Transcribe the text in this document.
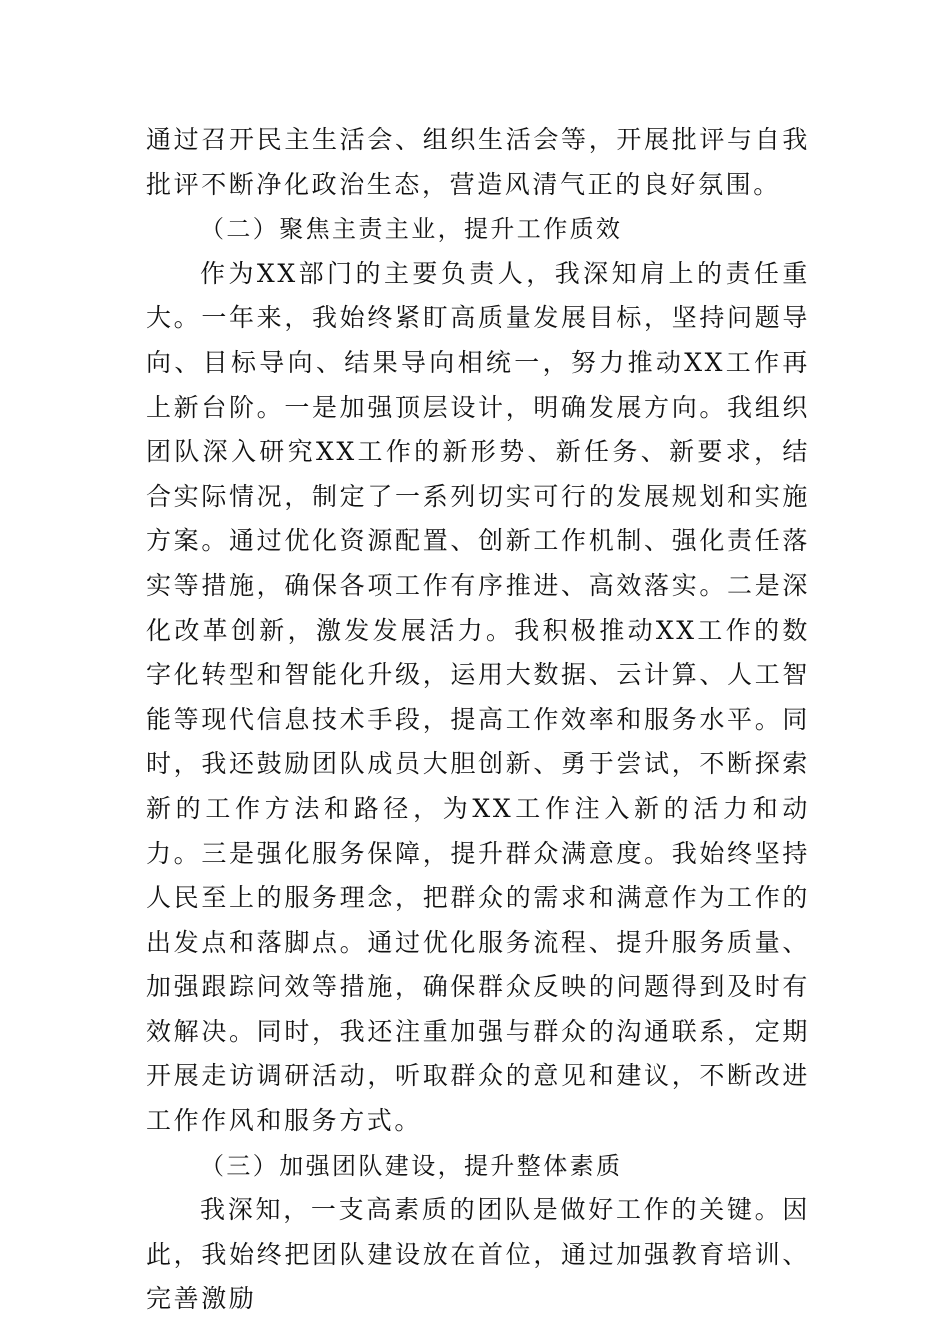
通过召开民主生活会、组织生活会等，开展批评与自我批评不断净化政治生态，营造风清气正的良好氛围。

（二）聚焦主责主业，提升工作质效

作为XX部门的主要负责人，我深知肩上的责任重大。一年来，我始终紧盯高质量发展目标，坚持问题导向、目标导向、结果导向相统一，努力推动XX工作再上新台阶。一是加强顶层设计，明确发展方向。我组织团队深入研究XX工作的新形势、新任务、新要求，结合实际情况，制定了一系列切实可行的发展规划和实施方案。通过优化资源配置、创新工作机制、强化责任落实等措施，确保各项工作有序推进、高效落实。二是深化改革创新，激发发展活力。我积极推动XX工作的数字化转型和智能化升级，运用大数据、云计算、人工智能等现代信息技术手段，提高工作效率和服务水平。同时，我还鼓励团队成员大胆创新、勇于尝试，不断探索新的工作方法和路径，为XX工作注入新的活力和动力。三是强化服务保障，提升群众满意度。我始终坚持人民至上的服务理念，把群众的需求和满意作为工作的出发点和落脚点。通过优化服务流程、提升服务质量、加强跟踪问效等措施，确保群众反映的问题得到及时有效解决。同时，我还注重加强与群众的沟通联系，定期开展走访调研活动，听取群众的意见和建议，不断改进工作作风和服务方式。

（三）加强团队建设，提升整体素质

我深知，一支高素质的团队是做好工作的关键。因此，我始终把团队建设放在首位，通过加强教育培训、完善激励
